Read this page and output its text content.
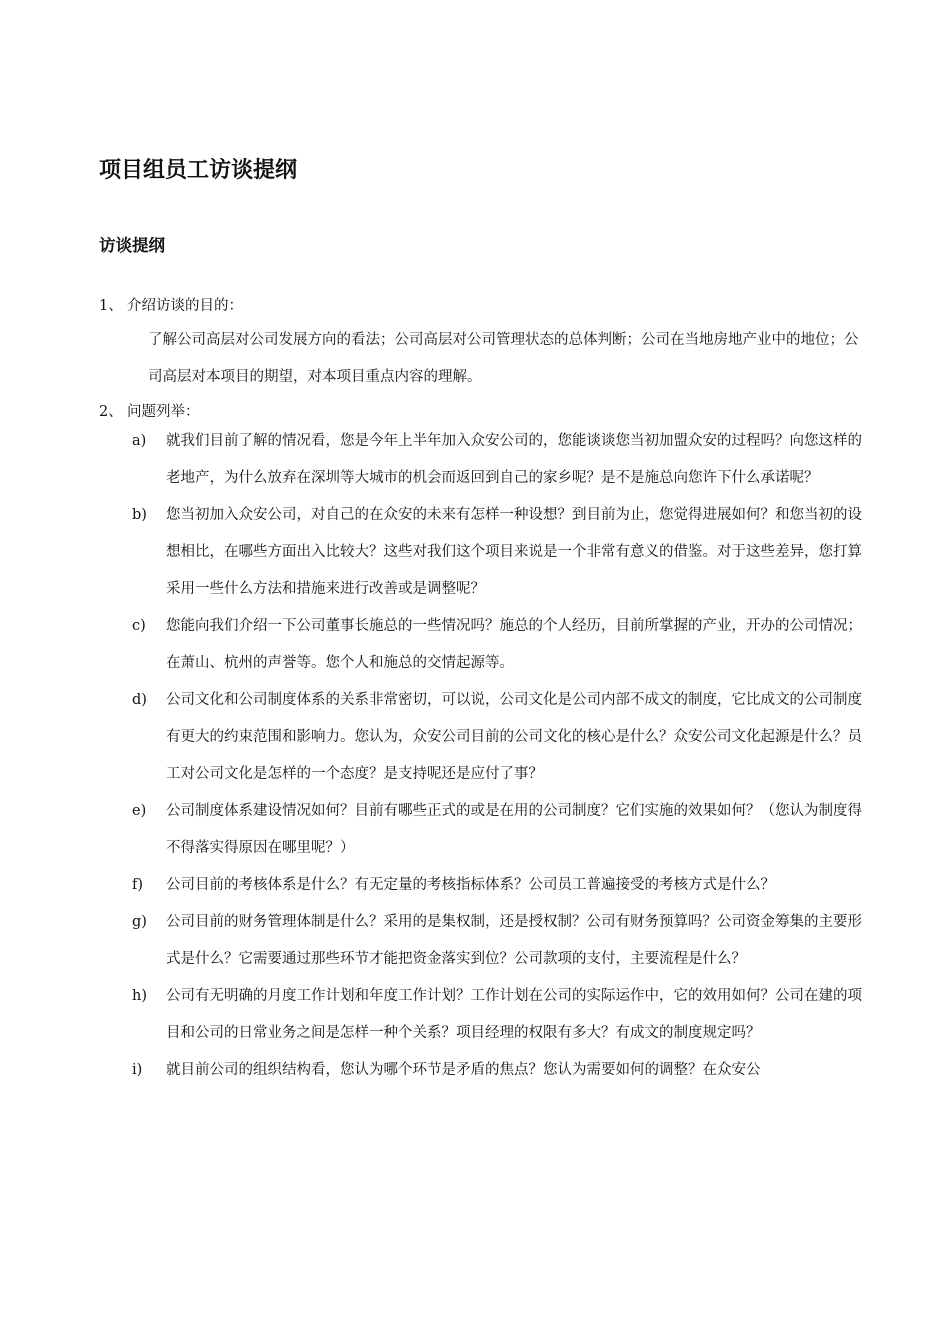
项目组员工访谈提纲
访谈提纲
1、 介绍访谈的目的：
了解公司高层对公司发展方向的看法；公司高层对公司管理状态的总体判断；公司在当地房地产业中的地位；公司高层对本项目的期望，对本项目重点内容的理解。
2、 问题列举：
a)	就我们目前了解的情况看，您是今年上半年加入众安公司的，您能谈谈您当初加盟众安的过程吗？向您这样的老地产，为什么放弃在深圳等大城市的机会而返回到自己的家乡呢？是不是施总向您许下什么承诺呢？
b)	您当初加入众安公司，对自己的在众安的未来有怎样一种设想？到目前为止，您觉得进展如何？和您当初的设想相比，在哪些方面出入比较大？这些对我们这个项目来说是一个非常有意义的借鉴。对于这些差异，您打算采用一些什么方法和措施来进行改善或是调整呢？
c)	您能向我们介绍一下公司董事长施总的一些情况吗？施总的个人经历，目前所掌握的产业，开办的公司情况；在萧山、杭州的声誉等。您个人和施总的交情起源等。
d)	公司文化和公司制度体系的关系非常密切，可以说，公司文化是公司内部不成文的制度，它比成文的公司制度有更大的约束范围和影响力。您认为，众安公司目前的公司文化的核心是什么？众安公司文化起源是什么？员工对公司文化是怎样的一个态度？是支持呢还是应付了事？
e)	公司制度体系建设情况如何？目前有哪些正式的或是在用的公司制度？它们实施的效果如何？（您认为制度得不得落实得原因在哪里呢？）
f)	公司目前的考核体系是什么？有无定量的考核指标体系？公司员工普遍接受的考核方式是什么？
g)	公司目前的财务管理体制是什么？采用的是集权制，还是授权制？公司有财务预算吗？公司资金筹集的主要形式是什么？它需要通过那些环节才能把资金落实到位？公司款项的支付，主要流程是什么？
h)	公司有无明确的月度工作计划和年度工作计划？工作计划在公司的实际运作中，它的效用如何？公司在建的项目和公司的日常业务之间是怎样一种个关系？项目经理的权限有多大？有成文的制度规定吗？
i)	就目前公司的组织结构看，您认为哪个环节是矛盾的焦点？您认为需要如何的调整？在众安公
